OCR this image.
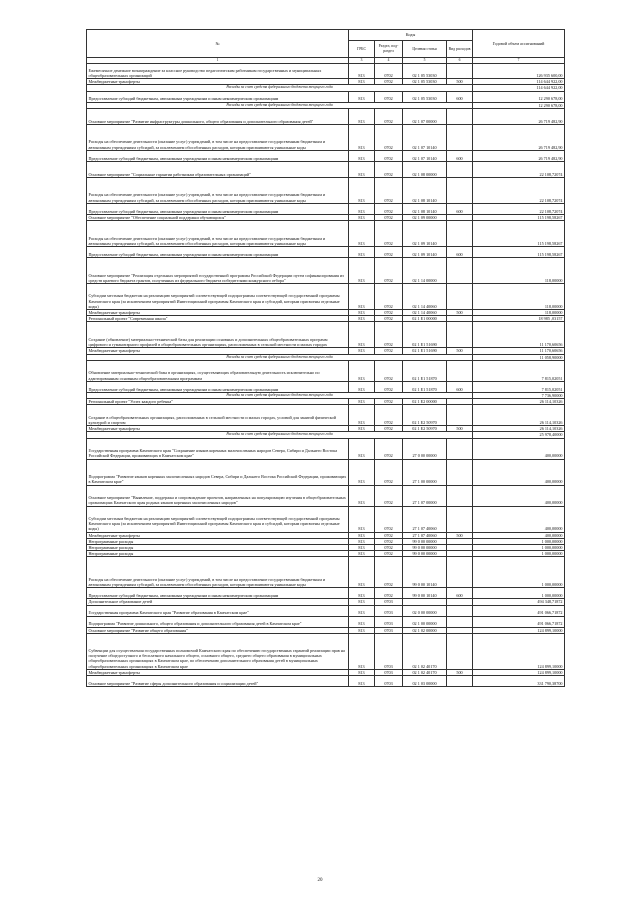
№	Коды				Годовой объем ассигнований
	ГРБС	Раздел, под-раздел	Целевая статья	Вид расходов	
1	3	4	5	6	7
Ежемесячное денежное вознаграждение за классное руководство педагогическим работникам государственных и муниципальных общеобразовательных организаций	813	0702	02 1 05 53030		126 935 600,00
Межбюджетные трансферты	813	0702	02 1 05 53030	500	114 644 922,00
Расходы за счет средств федерального бюджета текущего года					114 644 922,00
Предоставление субсидий бюджетным, автономным учреждениям и иным некоммерческим организациям	813	0702	02 1 05 53030	600	12 290 678,00
Расходы за счет средств федерального бюджета текущего года					12 290 678,00
Основное мероприятие "Развитие инфраструктуры дошкольного, общего образования и дополнительного образования детей"	813	0702	02 1 07 00000		26 719 482,90
Расходы на обеспечение деятельности (оказание услуг) учреждений, в том числе на предоставление государственным бюджетным и автономным учреждениям субсидий, за исключением обособленных расходов, которым присваиваются уникальные коды	813	0702	02 1 07 10140		26 719 482,90
Предоставление субсидий бюджетным, автономным учреждениям и иным некоммерческим организациям	813	0702	02 1 07 10140	600	26 719 482,90
Основное мероприятие "Социальные гарантии работникам образовательных организаций"	813	0702	02 1 08 00000		22 108,72074
Расходы на обеспечение деятельности (оказание услуг) учреждений, в том числе на предоставление государственным бюджетным и автономным учреждениям субсидий, за исключением обособленных расходов, которым присваиваются уникальные коды	813	0702	02 1 08 10140		22 108,72074
Предоставление субсидий бюджетным, автономным учреждениям и иным некоммерческим организациям	813	0702	02 1 08 10140	600	22 108,72074
Основное мероприятие "Обеспечение социальной поддержки обучающихся"	813	0702	02 1 09 00000		115 198,58267
Расходы на обеспечение деятельности (оказание услуг) учреждений, в том числе на предоставление государственным бюджетным и автономным учреждениям субсидий, за исключением обособленных расходов, которым присваиваются уникальные коды	813	0702	02 1 09 10140		115 198,58267
Предоставление субсидий бюджетным, автономным учреждениям и иным некоммерческим организациям	813	0702	02 1 09 10140	600	115 198,58267
Основное мероприятие "Реализация отдельных мероприятий государственной программы Российской Федерации путем софинансирования из средств краевого бюджета грантов, полученных из федерального бюджета победителями конкурсного отбора"	813	0702	02 1 14 00000		118,00000
Субсидии местным бюджетам на реализацию мероприятий соответствующей подпрограммы соответствующей государственной программы Камчатского края (за исключением мероприятий Инвестиционной программы Камчатского края и субсидий, которым присвоены отдельные коды)	813	0702	02 1 14 40060		118,00000
Межбюджетные трансферты	813	0702	02 1 14 40060	500	118,00000
Региональный проект "Современная школа"	813	0702	02 1 E1 00000		18 985 ,03157
Создание (обновление) материально-технической базы для реализации основных и дополнительных общеобразовательных программ цифрового и гуманитарного профилей в общеобразовательных организациях, расположенных в сельской местности и малых городах	813	0702	02 1 E1 51690		11 170,60656
Межбюджетные трансферты	813	0702	02 1 E1 51690	500	11 170,60656
Расходы за счет средств федерального бюджета текущего года					11 058,90000
Обновление материально-технической базы в организациях, осуществляющих образовательную деятельность исключительно по адаптированным основным общеобразовательным программам	813	0702	02 1 E1 51870		7 815,02051
Предоставление субсидий бюджетным, автономным учреждениям и иным некоммерческим организациям	813	0702	02 1 E1 51870	600	7 815,02051
Расходы за счет средств федерального бюджета текущего года					7 736,90000
Региональный проект "Успех каждого ребенка"	813	0702	02 1 E2 00000		26 114,10326
Создание в общеобразовательных организациях, расположенных в сельской местности и малых городах, условий для занятий физической культурой и спортом	813	0702	02 1 E2 50970		26 114,10326
Межбюджетные трансферты	813	0702	02 1 E2 50970	500	26 114,10326
Расходы за счет средств федерального бюджета текущего года					25 978,40000
Государственная программа Камчатского края "Сохранение языков коренных малочисленных народов Севера, Сибири и Дальнего Востока Российской Федерации, проживающих в Камчатском крае"	813	0702	27 0 00 00000		400,00000
Подпрограмма "Развитие языков коренных малочисленных народов Севера, Сибири и Дальнего Востока Российской Федерации, проживающих в Камчатском крае"	813	0702	27 1 00 00000		400,00000
Основное мероприятие "Выявление, поддержка и сопровождение проектов, направленных на популяризацию изучения в общеобразовательных организациях Камчатского края родных языков коренных малочисленных народов"	813	0702	27 1 07 00000		400,00000
Субсидии местным бюджетам на реализацию мероприятий соответствующей подпрограммы соответствующей государственной программы Камчатского края (за исключением мероприятий Инвестиционной программы Камчатского края и субсидий, которым присвоены отдельные коды)	813	0702	27 1 07 40060		400,00000
Межбюджетные трансферты	813	0702	27 1 07 40060	500	400,00000
Непрограммные расходы	813	0702	99 0 00 00000		1 000,00000
Непрограммные расходы	813	0702	99 0 00 00000		1 000,00000
Непрограммные расходы	813	0702	99 0 00 00000		1 000,00000
Расходы на обеспечение деятельности (оказание услуг) учреждений, в том числе на предоставление государственным бюджетным и автономным учреждениям субсидий, за исключением обособленных расходов, которым присваиваются уникальные коды	813	0702	99 0 00 10140		1 000,00000
Предоставление субсидий бюджетным, автономным учреждениям и иным некоммерческим организациям	813	0702	99 0 00 10140	600	1 000,00000
Дополнительное образование детей	813	0703			494 348,71872
Государственная программа Камчатского края "Развитие образования в Камчатском крае"	813	0703	02 0 00 00000		491 066,71872
Подпрограмма "Развитие дошкольного, общего образования и дополнительного образования детей в Камчатском крае"	813	0703	02 1 00 00000		491 066,71872
Основное мероприятие "Развитие общего образования"	813	0703	02 1 02 00000		124 899,10000
Субвенции для осуществления государственных полномочий Камчатского края по обеспечению государственных гарантий реализации прав на получение общедоступного и бесплатного начального общего, основного общего, среднего общего образования в муниципальных общеобразовательных организациях в Камчатском крае, по обеспечению дополнительного образования детей в муниципальных общеобразовательных организациях в Камчатском крае	813	0703	02 1 02 40170		124 899,10000
Межбюджетные трансферты	813	0703	02 1 02 40170	500	124 899,10000
Основное мероприятие "Развитие сферы дополнительного образования и социализации детей"	813	0703	02 1 03 00000		331 790,38700
20
